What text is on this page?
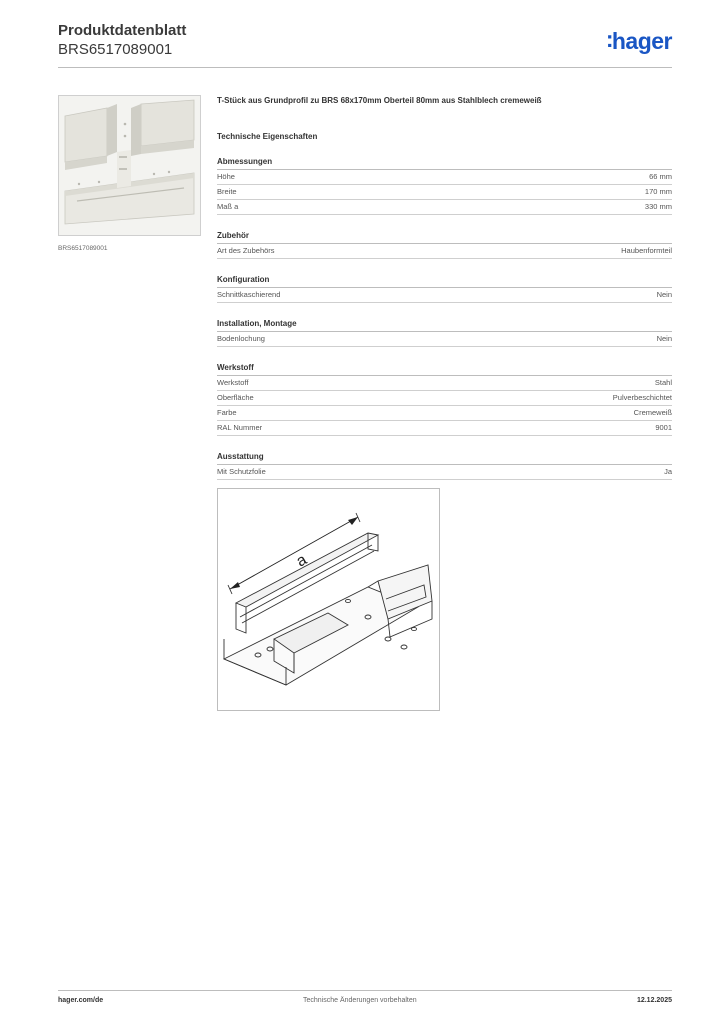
Produktdatenblatt
BRS6517089001	:hager
BRS6517089001
T-Stück aus Grundprofil zu BRS 68x170mm Oberteil 80mm aus Stahlblech cremeweiß
Technische Eigenschaften
Abmessungen
Höhe	66 mm
Breite	170 mm
Maß a	330 mm
Zubehör
Art des Zubehörs	Haubenformteil
Konfiguration
Schnittkaschierend	Nein
Installation, Montage
Bodenlochung	Nein
Werkstoff
Werkstoff	Stahl
Oberfläche	Pulverbeschichtet
Farbe	Cremeweiß
RAL Nummer	9001
Ausstattung
Mit Schutzfolie	Ja
a
hager.com/de	Technische Änderungen vorbehalten	12.12.2025
